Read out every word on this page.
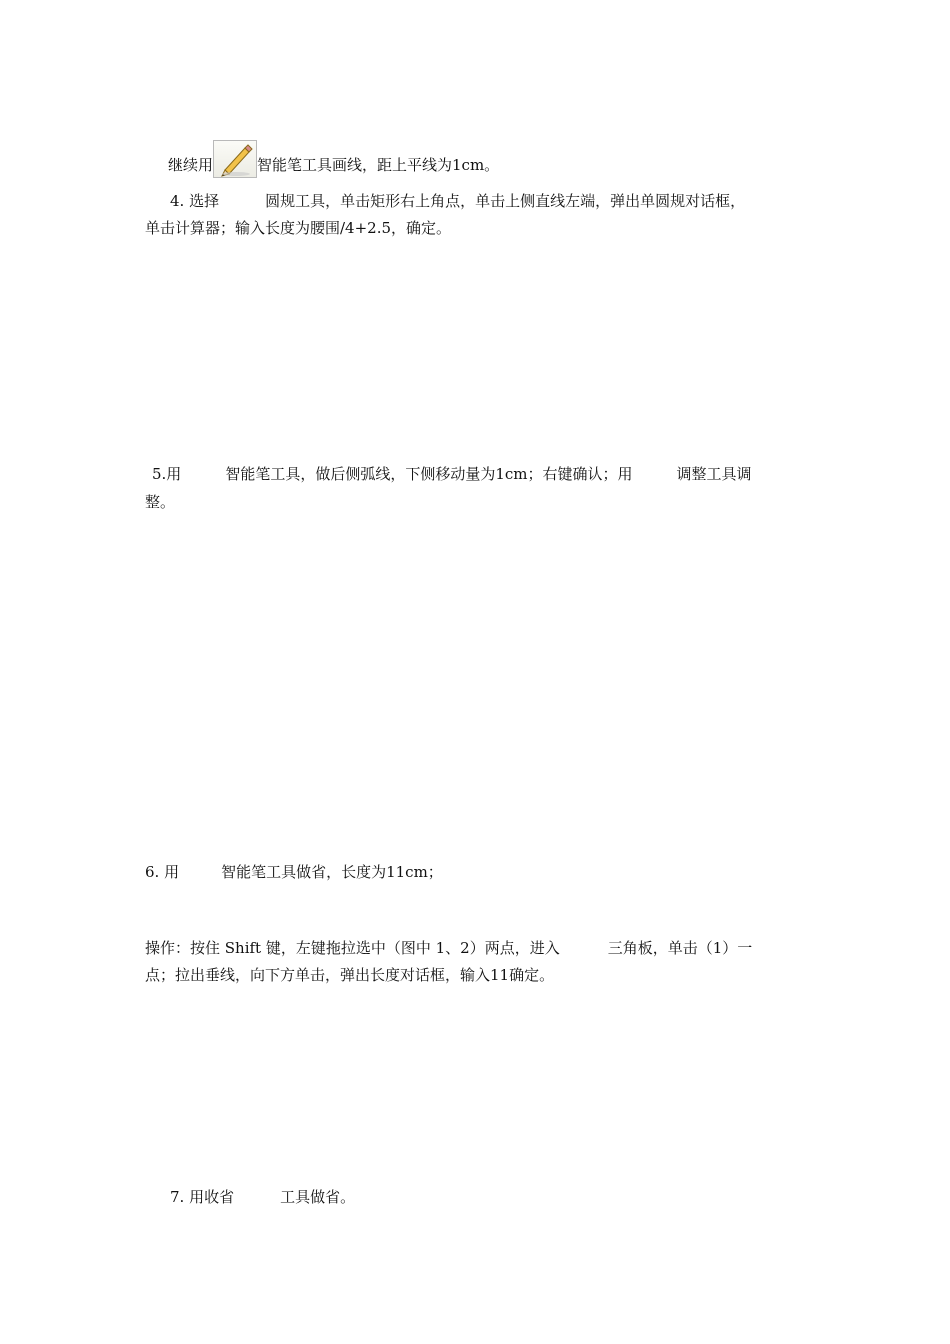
继续用	智能笔工具画线，距上平线为1cm。
4. 选择	圆规工具，单击矩形右上角点，单击上侧直线左端，弹出单圆规对话框，
单击计算器；输入长度为腰围/4+2.5，确定。
5.用	智能笔工具，做后侧弧线，下侧移动量为1cm；右键确认；用	调整工具调
整。
6. 用	智能笔工具做省，长度为11cm；
操作：按住 Shift 键，左键拖拉选中（图中 1、2）两点，进入	三角板，单击（1）一
点；拉出垂线，向下方单击，弹出长度对话框，输入11确定。
7. 用收省	工具做省。
